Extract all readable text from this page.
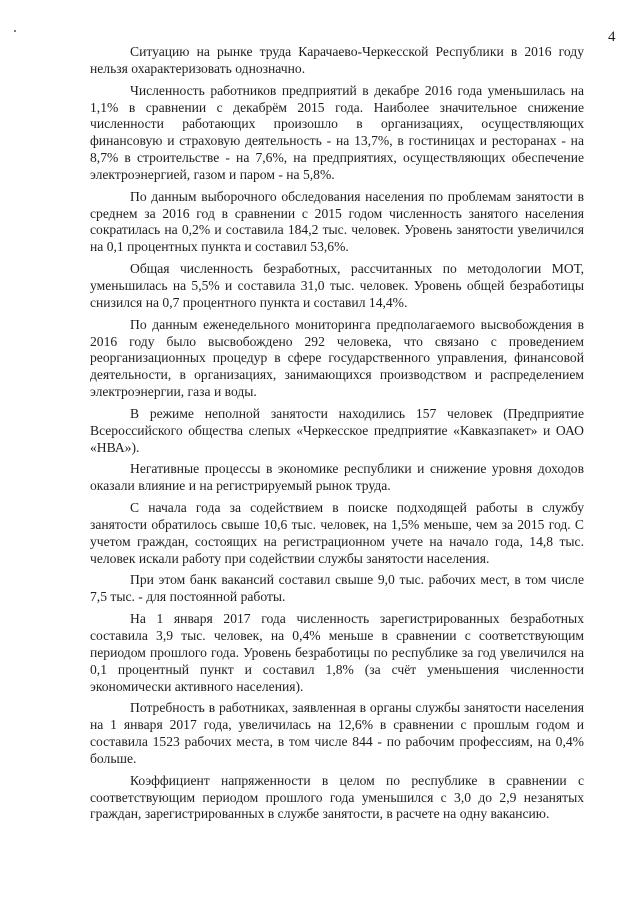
4

Ситуацию на рынке труда Карачаево-Черкесской Республики в 2016 году нельзя охарактеризовать однозначно.

Численность работников предприятий в декабре 2016 года уменьшилась на 1,1% в сравнении с декабрём 2015 года. Наиболее значительное снижение численности работающих произошло в организациях, осуществляющих финансовую и страховую деятельность - на 13,7%, в гостиницах и ресторанах - на 8,7% в строительстве - на 7,6%, на предприятиях, осуществляющих обеспечение электроэнергией, газом и паром - на 5,8%.

По данным выборочного обследования населения по проблемам занятости в среднем за 2016 год в сравнении с 2015 годом численность занятого населения сократилась на 0,2% и составила 184,2 тыс. человек. Уровень занятости увеличился на 0,1 процентных пункта и составил 53,6%.

Общая численность безработных, рассчитанных по методологии МОТ, уменьшилась на 5,5% и составила 31,0 тыс. человек. Уровень общей безработицы снизился на 0,7 процентного пункта и составил 14,4%.

По данным еженедельного мониторинга предполагаемого высвобождения в 2016 году было высвобождено 292 человека, что связано с проведением реорганизационных процедур в сфере государственного управления, финансовой деятельности, в организациях, занимающихся производством и распределением электроэнергии, газа и воды.

В режиме неполной занятости находились 157 человек (Предприятие Всероссийского общества слепых «Черкесское предприятие «Кавказпакет» и ОАО «НВА»).

Негативные процессы в экономике республики и снижение уровня доходов оказали влияние и на регистрируемый рынок труда.

С начала года за содействием в поиске подходящей работы в службу занятости обратилось свыше 10,6 тыс. человек, на 1,5% меньше, чем за 2015 год. С учетом граждан, состоящих на регистрационном учете на начало года, 14,8 тыс. человек искали работу при содействии службы занятости населения.

При этом банк вакансий составил свыше 9,0 тыс. рабочих мест, в том числе 7,5 тыс. - для постоянной работы.

На 1 января 2017 года численность зарегистрированных безработных составила 3,9 тыс. человек, на 0,4% меньше в сравнении с соответствующим периодом прошлого года. Уровень безработицы по республике за год увеличился на 0,1 процентный пункт и составил 1,8% (за счёт уменьшения численности экономически активного населения).

Потребность в работниках, заявленная в органы службы занятости населения на 1 января 2017 года, увеличилась на 12,6% в сравнении с прошлым годом и составила 1523 рабочих места, в том числе 844 - по рабочим профессиям, на 0,4% больше.

Коэффициент напряженности в целом по республике в сравнении с соответствующим периодом прошлого года уменьшился с 3,0 до 2,9 незанятых граждан, зарегистрированных в службе занятости, в расчете на одну вакансию.
